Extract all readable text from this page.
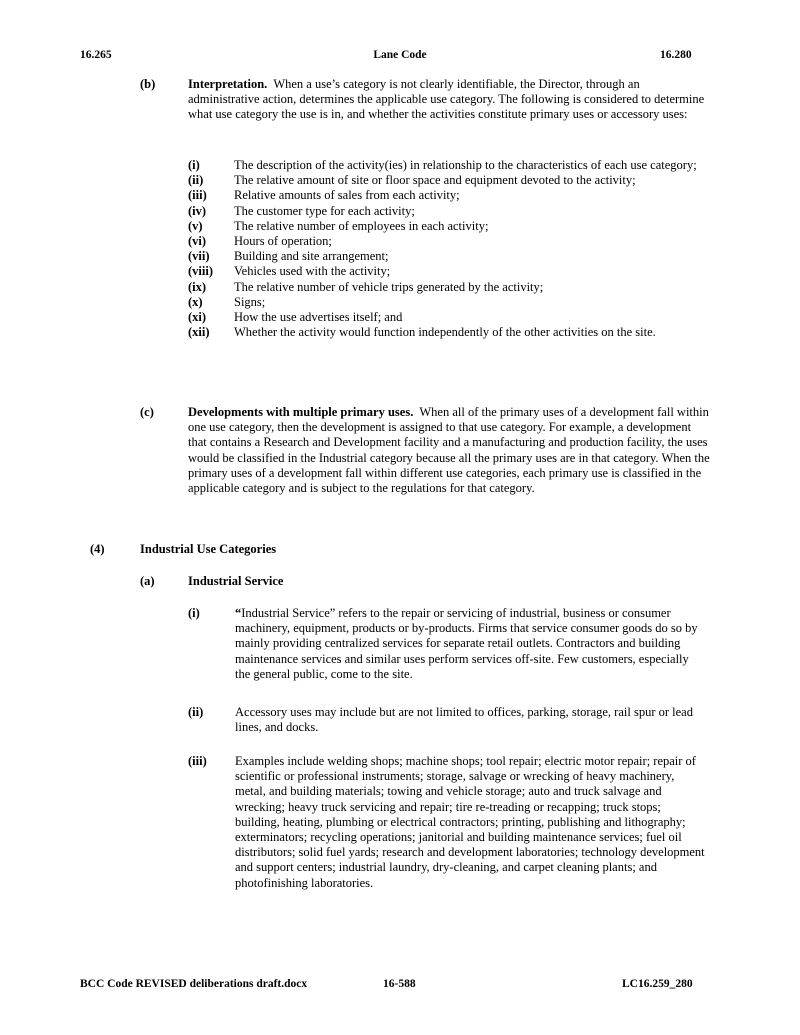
16.265	Lane Code	16.280
(b)	Interpretation. When a use’s category is not clearly identifiable, the Director, through an administrative action, determines the applicable use category. The following is considered to determine what use category the use is in, and whether the activities constitute primary uses or accessory uses:
(i)	The description of the activity(ies) in relationship to the characteristics of each use category;
(ii)	The relative amount of site or floor space and equipment devoted to the activity;
(iii)	Relative amounts of sales from each activity;
(iv)	The customer type for each activity;
(v)	The relative number of employees in each activity;
(vi)	Hours of operation;
(vii)	Building and site arrangement;
(viii)	Vehicles used with the activity;
(ix)	The relative number of vehicle trips generated by the activity;
(x)	Signs;
(xi)	How the use advertises itself; and
(xii)	Whether the activity would function independently of the other activities on the site.
(c)	Developments with multiple primary uses. When all of the primary uses of a development fall within one use category, then the development is assigned to that use category. For example, a development that contains a Research and Development facility and a manufacturing and production facility, the uses would be classified in the Industrial category because all the primary uses are in that category. When the primary uses of a development fall within different use categories, each primary use is classified in the applicable category and is subject to the regulations for that category.
(4)	Industrial Use Categories
(a)	Industrial Service
(i)	“Industrial Service” refers to the repair or servicing of industrial, business or consumer machinery, equipment, products or by-products. Firms that service consumer goods do so by mainly providing centralized services for separate retail outlets. Contractors and building maintenance services and similar uses perform services off-site. Few customers, especially the general public, come to the site.
(ii)	Accessory uses may include but are not limited to offices, parking, storage, rail spur or lead lines, and docks.
(iii) Examples include welding shops; machine shops; tool repair; electric motor repair; repair of scientific or professional instruments; storage, salvage or wrecking of heavy machinery, metal, and building materials; towing and vehicle storage; auto and truck salvage and wrecking; heavy truck servicing and repair; tire re-treading or recapping; truck stops; building, heating, plumbing or electrical contractors; printing, publishing and lithography; exterminators; recycling operations; janitorial and building maintenance services; fuel oil distributors; solid fuel yards; research and development laboratories; technology development and support centers; industrial laundry, dry-cleaning, and carpet cleaning plants; and photofinishing laboratories.
BCC Code REVISED deliberations draft.docx	16-588	LC16.259_280
